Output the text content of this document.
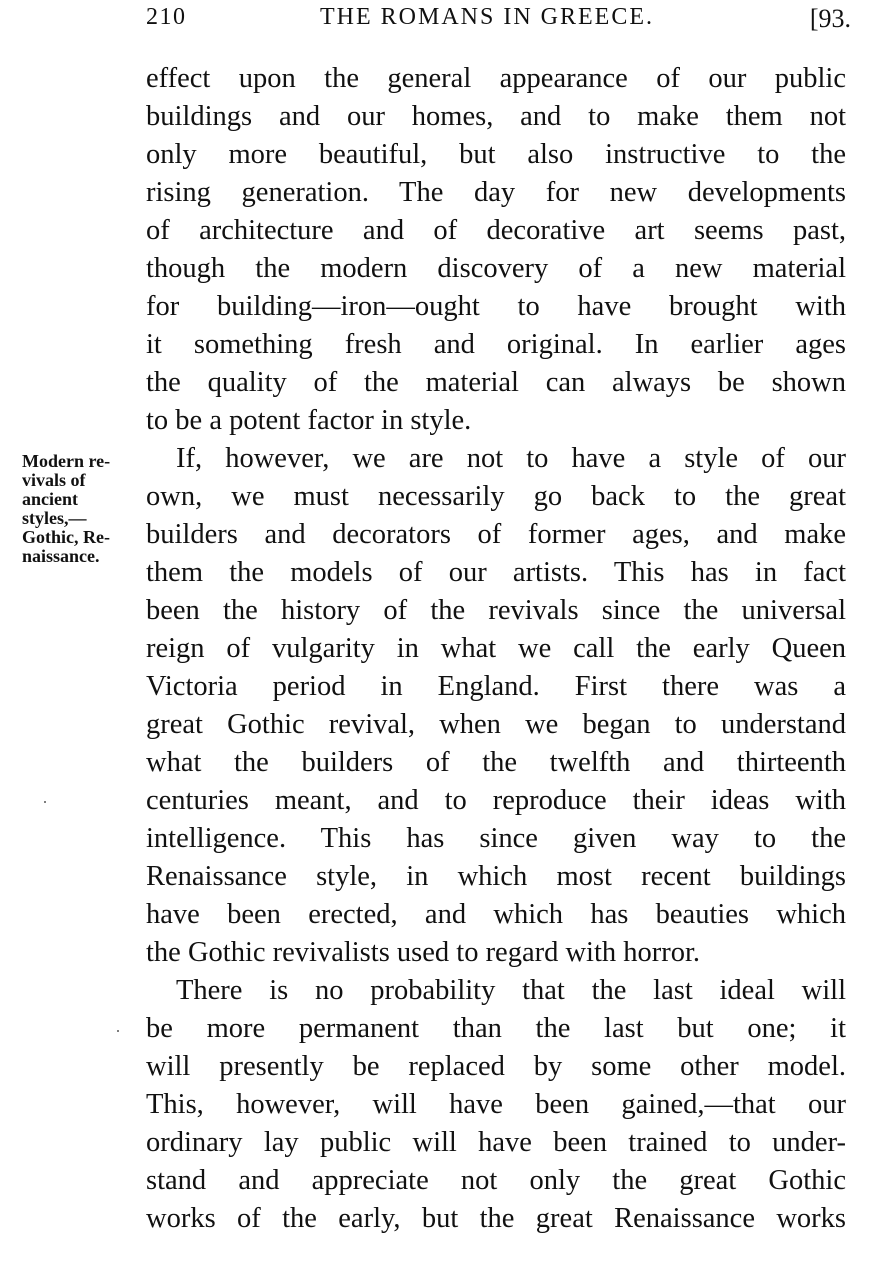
210	THE ROMANS IN GREECE.	[93.
Modern re-
vivals of
ancient
styles,—
Gothic, Re-
naissance.
effect upon the general appearance of our public
buildings and our homes, and to make them not
only more beautiful, but also instructive to the
rising generation. The day for new developments
of architecture and of decorative art seems past,
though the modern discovery of a new material
for building—iron—ought to have brought with
it something fresh and original. In earlier ages
the quality of the material can always be shown
to be a potent factor in style.
If, however, we are not to have a style of our
own, we must necessarily go back to the great
builders and decorators of former ages, and make
them the models of our artists. This has in fact
been the history of the revivals since the universal
reign of vulgarity in what we call the early Queen
Victoria period in England. First there was a
great Gothic revival, when we began to understand
what the builders of the twelfth and thirteenth
centuries meant, and to reproduce their ideas with
intelligence. This has since given way to the
Renaissance style, in which most recent buildings
have been erected, and which has beauties which
the Gothic revivalists used to regard with horror.
There is no probability that the last ideal will
be more permanent than the last but one; it
will presently be replaced by some other model.
This, however, will have been gained,—that our
ordinary lay public will have been trained to under-
stand and appreciate not only the great Gothic
works of the early, but the great Renaissance works
